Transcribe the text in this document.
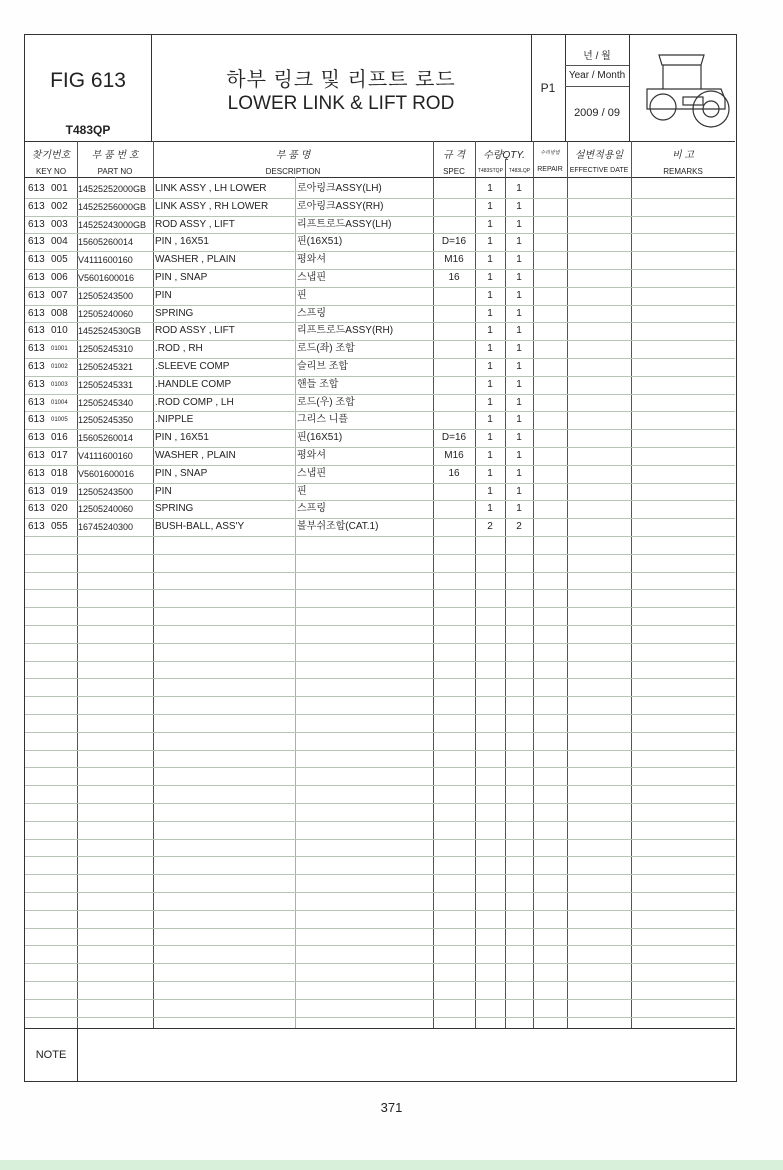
FIG 613
T483QP
하부 링크 및 리프트 로드
LOWER LINK & LIFT ROD
P1
년 / 월
Year / Month
2009 / 09
찾기번호
KEY NO
부 품 번 호
PART NO
부 품 명
DESCRIPTION
규 격
SPEC
수량QTY.
T483STQP T483LQP
수리방법
REPAIR
설변적용일
EFFECTIVE DATE
비 고
REMARKS
613 001	14525252000GB LINK ASSY , LH LOWER	로아링크ASSY(LH)	1	1
613 002	14525256000GB LINK ASSY , RH LOWER	로아링크ASSY(RH)	1	1
613 003	14525243000GB ROD ASSY , LIFT	리프트로드ASSY(LH)	1	1
613 004	15605260014	PIN , 16X51	핀(16X51)	D=16	1	1
613 005	V4111600160	WASHER , PLAIN	평와셔	M16	1	1
613 006	V5601600016	PIN , SNAP	스냅핀	16	1	1
613 007	12505243500	PIN	핀	1	1
613 008	12505240060	SPRING	스프링	1	1
613 010	1452524530GB	ROD ASSY , LIFT	리프트로드ASSY(RH)	1	1
613	01001	12505245310	.ROD , RH	로드(좌) 조합	1	1
613	01002	12505245321	.SLEEVE COMP	슬리브 조합	1	1
613	01003	12505245331	.HANDLE COMP	핸들 조합	1	1
613	01004	12505245340	.ROD COMP , LH	로드(우) 조합	1	1
613	01005	12505245350	.NIPPLE	그리스 니플	1	1
613 016	15605260014	PIN , 16X51	핀(16X51)	D=16	1	1
613 017	V4111600160	WASHER , PLAIN	평와셔	M16	1	1
613 018	V5601600016	PIN , SNAP	스냅핀	16	1	1
613 019	12505243500	PIN	핀	1	1
613 020	12505240060	SPRING	스프링	1	1
613 055	16745240300	BUSH-BALL, ASS'Y	볼부쉬조합(CAT.1)	2	2
NOTE
371
